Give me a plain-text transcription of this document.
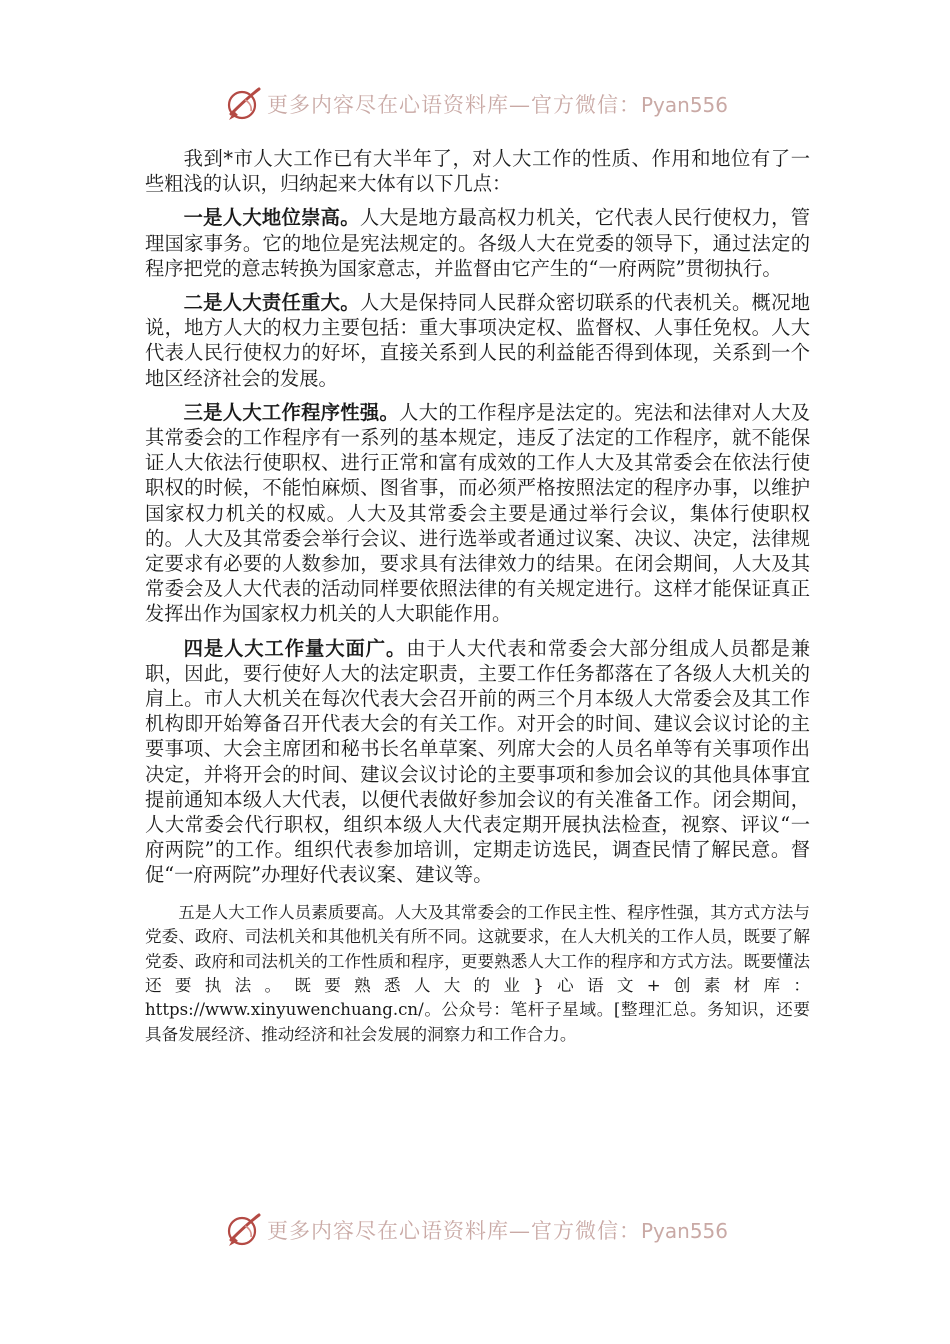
更多内容尽在心语资料库—官方微信：Pyan556

我到*市人大工作已有大半年了，对人大工作的性质、作用和地位有了一些粗浅的认识，归纳起来大体有以下几点：

一是人大地位崇高。人大是地方最高权力机关，它代表人民行使权力，管理国家事务。它的地位是宪法规定的。各级人大在党委的领导下，通过法定的程序把党的意志转换为国家意志，并监督由它产生的“一府两院”贯彻执行。

二是人大责任重大。人大是保持同人民群众密切联系的代表机关。概况地说，地方人大的权力主要包括：重大事项决定权、监督权、人事任免权。人大代表人民行使权力的好坏，直接关系到人民的利益能否得到体现，关系到一个地区经济社会的发展。

三是人大工作程序性强。人大的工作程序是法定的。宪法和法律对人大及其常委会的工作程序有一系列的基本规定，违反了法定的工作程序，就不能保证人大依法行使职权、进行正常和富有成效的工作人大及其常委会在依法行使职权的时候，不能怕麻烦、图省事，而必须严格按照法定的程序办事，以维护国家权力机关的权威。人大及其常委会主要是通过举行会议，集体行使职权的。人大及其常委会举行会议、进行选举或者通过议案、决议、决定，法律规定要求有必要的人数参加，要求具有法律效力的结果。在闭会期间，人大及其常委会及人大代表的活动同样要依照法律的有关规定进行。这样才能保证真正发挥出作为国家权力机关的人大职能作用。

四是人大工作量大面广。由于人大代表和常委会大部分组成人员都是兼职，因此，要行使好人大的法定职责，主要工作任务都落在了各级人大机关的肩上。市人大机关在每次代表大会召开前的两三个月本级人大常委会及其工作机构即开始筹备召开代表大会的有关工作。对开会的时间、建议会议讨论的主要事项、大会主席团和秘书长名单草案、列席大会的人员名单等有关事项作出决定，并将开会的时间、建议会议讨论的主要事项和参加会议的其他具体事宜提前通知本级人大代表，以便代表做好参加会议的有关准备工作。闭会期间，人大常委会代行职权，组织本级人大代表定期开展执法检查，视察、评议“一府两院”的工作。组织代表参加培训，定期走访选民，调查民情了解民意。督促“一府两院”办理好代表议案、建议等。

五是人大工作人员素质要高。人大及其常委会的工作民主性、程序性强，其方式方法与党委、政府、司法机关和其他机关有所不同。这就要求，在人大机关的工作人员，既要了解党委、政府和司法机关的工作性质和程序，更要熟悉人大工作的程序和方式方法。既要懂法还要执法。既要熟悉人大的业}心语文+创素材库：https://www.xinyuwenchuang.cn/。公众号：笔杆子星域。[整理汇总。务知识，还要具备发展经济、推动经济和社会发展的洞察力和工作合力。

更多内容尽在心语资料库—官方微信：Pyan556
